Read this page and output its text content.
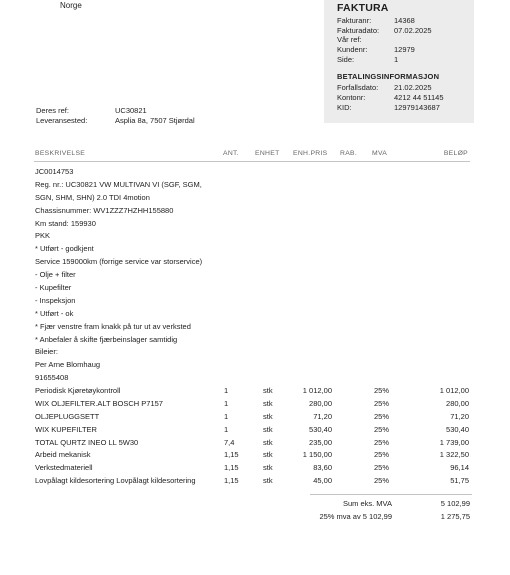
Norge	FAKTURA
Fakturanr:	14368
Fakturadato:	07.02.2025
Vår ref:
Kundenr:	12979
Side:	1
BETALINGSINFORMASJON
Forfallsdato:	21.02.2025
Kontonr:	4212 44 51145
KID:	12979143687
Deres ref:	UC30821
Leveransested:	Asplia 8a, 7507 Stjørdal
BESKRIVELSE	ANT. ENHET ENH.PRIS RAB. MVA	BELØP
JC0014753
Reg. nr.: UC30821 VW MULTIVAN VI (SGF, SGM,
SGN, SHM, SHN) 2.0 TDI 4motion
Chassisnummer: WV1ZZZ7HZHH155880
Km stand: 159930
PKK
* Utført - godkjent
Service 159000km (forrige service var storservice)
- Olje + filter
- Kupefilter
- Inspeksjon
* Utført - ok
* Fjær venstre fram knakk på tur ut av verksted
* Anbefaler å skifte fjærbeinslager samtidig
Bileier:
Per Arne Blomhaug
91655408
Periodisk Kjøretøykontroll	1	stk	1 012,00	25%	1 012,00
WIX OLJEFILTER.ALT BOSCH P7157	1	stk	280,00	25%	280,00
OLJEPLUGGSETT	1	stk	71,20	25%	71,20
WIX KUPEFILTER	1	stk	530,40	25%	530,40
TOTAL QURTZ INEO LL 5W30	7,4	stk	235,00	25%	1 739,00
Arbeid mekanisk	1,15	stk	1 150,00	25%	1 322,50
Verkstedmateriell	1,15	stk	83,60	25%	96,14
Lovpålagt kildesortering Lovpålagt kildesortering	1,15	stk	45,00	25%	51,75
Sum eks. MVA	5 102,99
25% mva av 5 102,99	1 275,75
